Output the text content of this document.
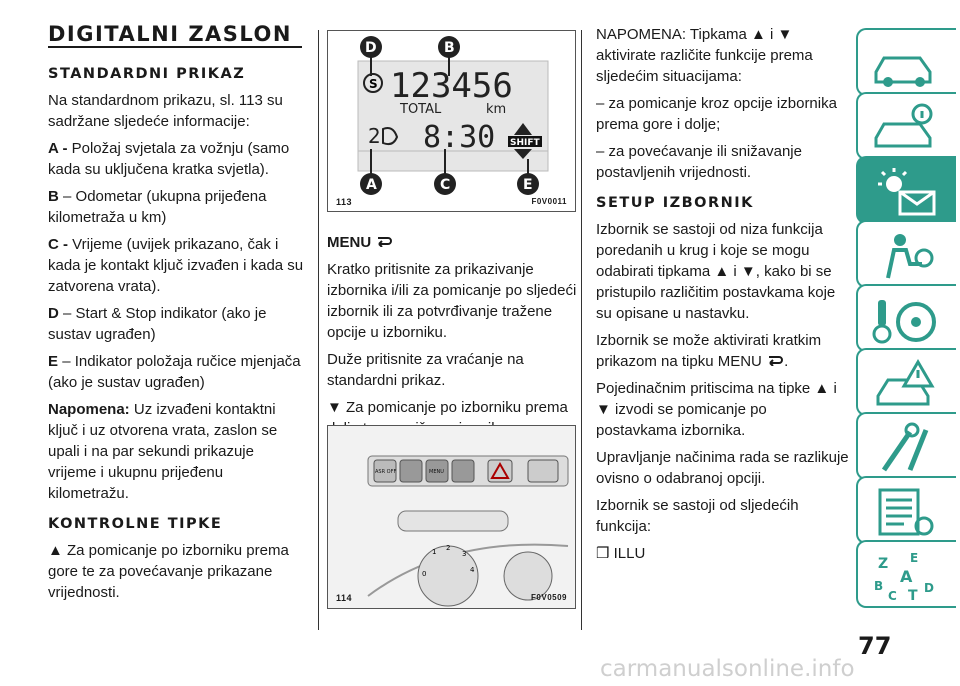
DIGITALNI ZASLON
STANDARDNI PRIKAZ

Na standardnom prikazu, sl. 113 su sadržane sljedeće informacije:

A - Položaj svjetala za vožnju (samo kada su uključena kratka svjetla).

B – Odometar (ukupna prijeđena kilometraža u km)

C - Vrijeme (uvijek prikazano, čak i kada je kontakt ključ izvađen i kada su zatvorena vrata).

D – Start & Stop indikator (ako je sustav ugrađen)

E – Indikator položaja ručice mjenjača (ako je sustav ugrađen)

Napomena: Uz izvađeni kontaktni ključ i uz otvorena vrata, zaslon se upali i na par sekundi prikazuje vrijeme i ukupnu prijeđenu kilometražu.

KONTROLNE TIPKE

▲ Za pomicanje po izborniku prema gore te za povećavanje prikazane vrijednosti.

S 123456
TOTAL	km
2 8:30 SHIFT
D	B
A	C	E
113	F0V0011
MENU

Kratko pritisnite za prikazivanje izbornika i/ili za pomicanje po sljedeći izbornik ili za potvrđivanje tražene opcije u izborniku.

Duže pritisnite za vraćanje na standardni prikaz.

▼ Za pomicanje po izborniku prema

ASR OFF	MENU
0
1 2
3
4
114	F0V0509

NAPOMENA: Tipkama ▲ i ▼ aktivirate različite funkcije prema sljedećim situacijama:

– za pomicanje kroz opcije izbornika prema gore i dolje;

– za povećavanje ili snižavanje postavljenih vrijednosti.

SETUP IZBORNIK

Izbornik se sastoji od niza funkcija poredanih u krug i koje se mogu odabirati tipkama ▲ i ▼, kako bi se pristupilo različitim postavkama koje su opisane u nastavku.

Izbornik se može aktivirati kratkim prikazom na tipku MENU .

Pojedinačnim pritiscima na tipke ▲ i ▼ izvodi se pomicanje po postavkama izbornika.

Upravljanje načinima rada se razlikuje ovisno o odabranoj opciji.

Izbornik se sastoji od sljedećih funkcija:

❒ ILLU

Z E
A
B
C T D
77
carmanualsonline.info
